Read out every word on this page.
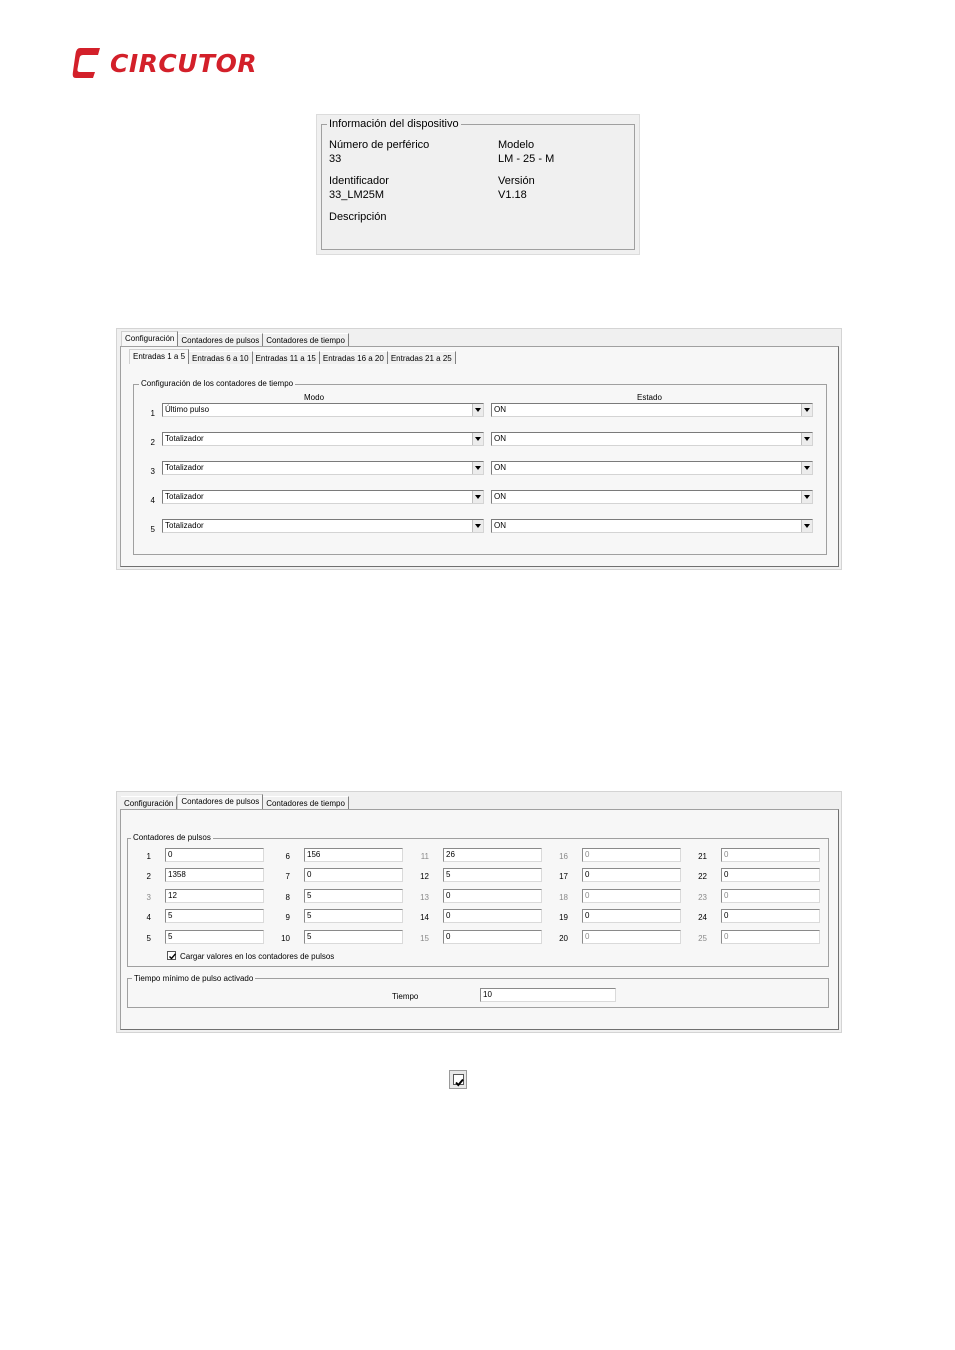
CIRCUTOR
Información del dispositivo
Número de perférico
33
Modelo
LM - 25 - M
Identificador
33_LM25M
Versión
V1.18
Descripción
Configuración Contadores de pulsos Contadores de tiempo
Entradas 1 a 5 Entradas 6 a 10 Entradas 11 a 15 Entradas 16 a 20 Entradas 21 a 25
Configuración de los contadores de tiempo
Modo	Estado
1	Último pulso	ON
2	Totalizador	ON
3	Totalizador	ON
4	Totalizador	ON
5	Totalizador	ON
Configuración	Contadores de pulsos Contadores de tiempo
Contadores de pulsos
1	0
2	1358
3	12
4	5
5	5
6	156
7	0
8	5
9	5
10	5
11	26
12	5
13	0
14	0
15	0
16	0
17	0
18	0
19	0
20	0
21	0
22	0
23	0
24	0
25	0
Cargar valores en los contadores de pulsos
Tiempo mínimo de pulso activado
Tiempo	10
